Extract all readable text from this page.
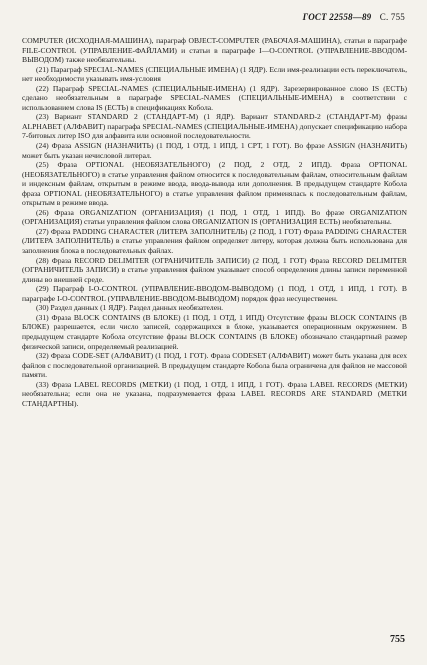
ГОСТ 22558—89 С. 755

COMPUTER (ИСХОДНАЯ-МАШИНА), параграф OBJECT-COMPUTER (РАБОЧАЯ-МАШИНА), статьи в параграфе FILE-CONTROL (УПРАВЛЕНИЕ-ФАЙЛАМИ) и статьи в параграфе I—O-CONTROL (УПРАВЛЕНИЕ-ВВОДОМ-ВЫВОДОМ) также необязательны.

(21) Параграф SPECIAL-NAMES (СПЕЦИАЛЬНЫЕ ИМЕНА) (1 ЯДР). Если имя-реализации есть переключатель, нет необходимости указывать имя-условия

(22) Параграф SPECIAL-NAMES (СПЕЦИАЛЬНЫЕ-ИМЕНА) (1 ЯДР). Зарезервированное слово IS (ЕСТЬ) сделано необязательным в параграфе SPECIAL-NAMES (СПЕЦИАЛЬНЫЕ-ИМЕНА) в соответствии с использованием слова IS (ЕСТЬ) в спецификациях Кобола.

(23) Вариант STANDARD 2 (СТАНДАРТ-М) (1 ЯДР). Вариант STANDARD-2 (СТАНДАРТ-М) фразы ALPHABET (АЛФАВИТ) параграфа SPECIAL-NAMES (СПЕЦИАЛЬНЫЕ-ИМЕНА) допускает спецификацию набора 7-битовых литер ISO для алфавита или основной последовательности.

(24) Фраза ASSIGN (НАЗНАЧИТЬ) (1 ПОД, 1 ОТД, 1 ИПД, 1 СРТ, 1 ГОТ). Во фразе ASSIGN (НАЗНАЧИТЬ) может быть указан нечисловой литерал.

(25) Фраза OPTIONAL (НЕОБЯЗАТЕЛЬНОГО) (2 ПОД, 2 ОТД, 2 ИПД). Фраза OPTIONAL (НЕОБЯЗАТЕЛЬНОГО) в статье управления файлом относится к последовательным файлам, относительным файлам и индексным файлам, открытым в режиме ввода, ввода-вывода или дополнения. В предыдущем стандарте Кобола фраза OPTIONAL (НЕОБЯЗАТЕЛЬНОГО) в статье управления файлом применялась к последовательным файлам, открытым в режиме ввода.

(26) Фраза ORGANIZATION (ОРГАНИЗАЦИЯ) (1 ПОД, 1 ОТД, 1 ИПД). Во фразе ORGANIZATION (ОРГАНИЗАЦИЯ) статьи управления файлом слова ORGANIZATION IS (ОРГАНИЗАЦИЯ ЕСТЬ) необязательны.

(27) Фраза PADDING CHARACTER (ЛИТЕРА ЗАПОЛНИТЕЛЬ) (2 ПОД, 1 ГОТ) Фраза PADDING CHARACTER (ЛИТЕРА ЗАПОЛНИТЕЛЬ) в статье управления файлом определяет литеру, которая должна быть использована для заполнения блока в последовательных файлах.

(28) Фраза RECORD DELIMITER (ОГРАНИЧИТЕЛЬ ЗАПИСИ) (2 ПОД, 1 ГОТ) Фраза RECORD DELIMITER (ОГРАНИЧИТЕЛЬ ЗАПИСИ) в статье управления файлом указывает способ определения длины записи переменной длины во внешней среде.

(29) Параграф I-O-CONTROL (УПРАВЛЕНИЕ-ВВОДОМ-ВЫВОДОМ) (1 ПОД, 1 ОТД, 1 ИПД, 1 ГОТ). В параграфе I-O-CONTROL (УПРАВЛЕНИЕ-ВВОДОМ-ВЫВОДОМ) порядок фраз несущественен.

(30) Раздел данных (1 ЯДР). Раздел данных необязателен.

(31) Фраза BLOCK CONTAINS (В БЛОКЕ) (1 ПОД, 1 ОТД, 1 ИПД) Отсутствие фразы BLOCK CONTAINS (В БЛОКЕ) разрешается, если число записей, содержащихся в блоке, указывается операционным окружением. В предыдущем стандарте Кобола отсутствие фразы BLOCK CONTAINS (В БЛОКЕ) обозначало стандартный размер физической записи, определяемый реализацией.

(32) Фраза CODE-SET (АЛФАВИТ) (1 ПОД, 1 ГОТ). Фраза CODESET (АЛФАВИТ) может быть указана для всех файлов с последовательной организацией. В предыдущем стандарте Кобола была ограничена для файлов не массовой памяти.

(33) Фраза LABEL RECORDS (МЕТКИ) (1 ПОД, 1 ОТД, 1 ИПД, 1 ГОТ). Фраза LABEL RECORDS (МЕТКИ) необязательна; если она не указана, подразумевается фраза LABEL RECORDS ARE STANDARD (МЕТКИ СТАНДАРТНЫ).

755
